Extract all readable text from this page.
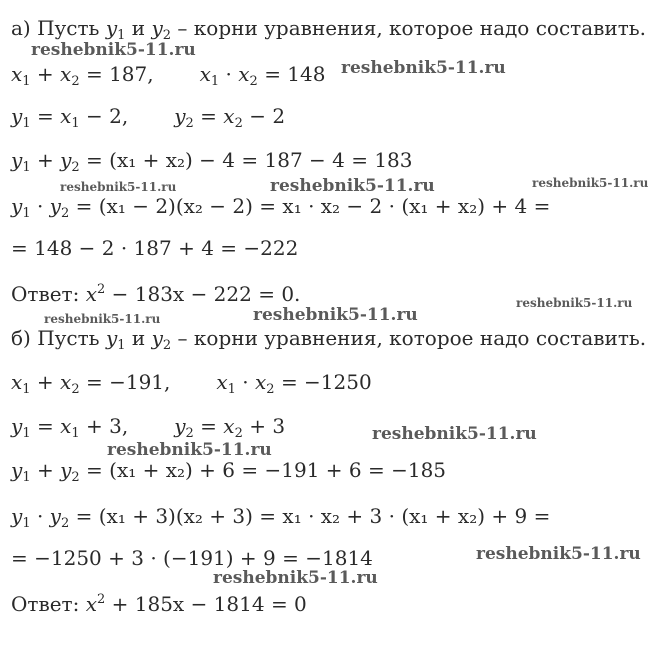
а) Пусть $y_1$ и $y_2$ – корни уравнения, которое надо составить.
$x_1 + x_2 = 187$, $x_1 \cdot x_2 = 148$
$y_1 = x_1 - 2$, $y_2 = x_2 - 2$
$y_1 + y_2 = (x_1 + x_2) - 4 = 187 - 4 = 183$
$y_1 \cdot y_2 = (x_1 - 2)(x_2 - 2) = x_1 \cdot x_2 - 2 \cdot (x_1 + x_2) + 4$ =
= 148 − 2 · 187 + 4 = −222
Ответ: $x^2 - 183x - 222 = 0$.
б) Пусть $y_1$ и $y_2$ – корни уравнения, которое надо составить.
$x_1 + x_2 = -191$, $x_1 \cdot x_2 = -1250$
$y_1 = x_1 + 3$, $y_2 = x_2 + 3$
$y_1 + y_2 = (x_1 + x_2) + 6 = -191 + 6 = -185$
$y_1 \cdot y_2 = (x_1 + 3)(x_2 + 3) = x_1 \cdot x_2 + 3 \cdot (x_1 + x_2) + 9$ =
= −1250 + 3 · (−191) + 9 = −1814
Ответ: $x^2 + 185x - 1814 = 0$
reshebnik5-11.ru
reshebnik5-11.ru
reshebnik5-11.ru	reshebnik5-11.ru	reshebnik5-11.ru
reshebnik5-11.ru
reshebnik5-11.ru	reshebnik5-11.ru
reshebnik5-11.ru
reshebnik5-11.ru
reshebnik5-11.ru
reshebnik5-11.ru
